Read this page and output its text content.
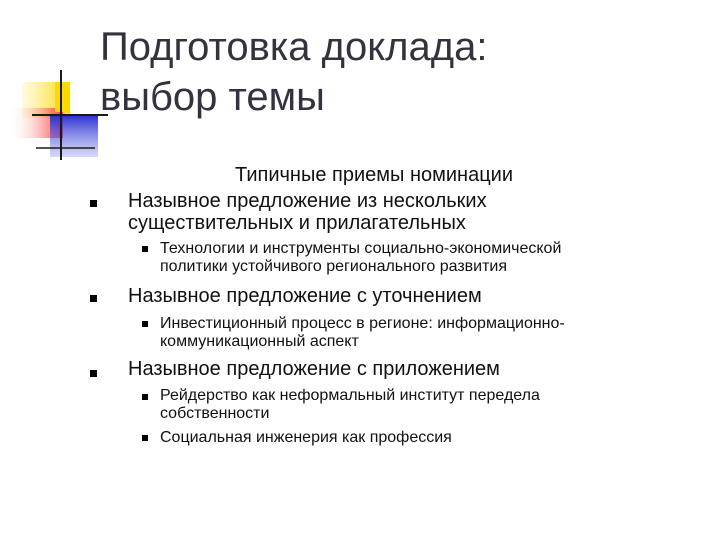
Подготовка доклада:
выбор темы
Типичные приемы номинации
Назывное предложение из нескольких
существительных и прилагательных
Технологии и инструменты социально-экономической
политики устойчивого регионального развития
Назывное предложение с уточнением
Инвестиционный процесс в регионе: информационно-
коммуникационный аспект
Назывное предложение с приложением
Рейдерство как неформальный институт передела
собственности
Социальная инженерия как профессия
